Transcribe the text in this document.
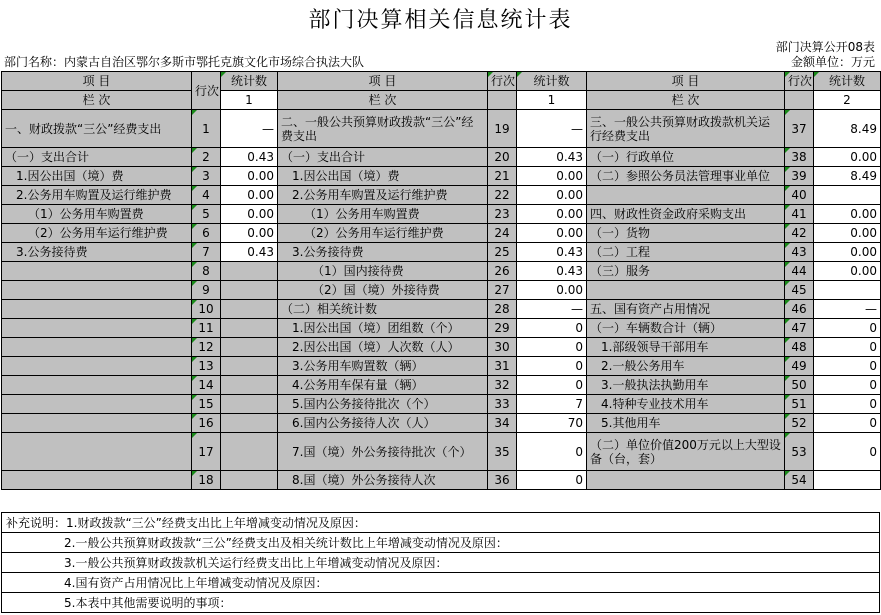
部门决算相关信息统计表
部门决算公开08表
部门名称：内蒙古自治区鄂尔多斯市鄂托克旗文化市场综合执法大队	金额单位：万元
项 目	行次	统计数	项 目	行次	统计数	项 目	行次	统计数
栏 次		1	栏 次		1	栏 次		2
一、财政拨款“三公”经费支出	1	—	二、一般公共预算财政拨款“三公”经费支出	19	—	三、一般公共预算财政拨款机关运行经费支出	37	8.49
（一）支出合计	2	0.43	（一）支出合计	20	0.43	（一）行政单位	38	0.00
1.因公出国（境）费	3	0.00	1.因公出国（境）费	21	0.00	（二）参照公务员法管理事业单位	39	8.49
2.公务用车购置及运行维护费	4	0.00	2.公务用车购置及运行维护费	22	0.00		40	
（1）公务用车购置费	5	0.00	（1）公务用车购置费	23	0.00	四、财政性资金政府采购支出	41	0.00
（2）公务用车运行维护费	6	0.00	（2）公务用车运行维护费	24	0.00	（一）货物	42	0.00
3.公务接待费	7	0.43	3.公务接待费	25	0.43	（二）工程	43	0.00
	8		（1）国内接待费	26	0.43	（三）服务	44	0.00
	9		（2）国（境）外接待费	27	0.00		45	
	10		（二）相关统计数	28	—	五、国有资产占用情况	46	—
	11		1.因公出国（境）团组数（个）	29	0	（一）车辆数合计（辆）	47	0
	12		2.因公出国（境）人次数（人）	30	0	1.部级领导干部用车	48	0
	13		3.公务用车购置数（辆）	31	0	2.一般公务用车	49	0
	14		4.公务用车保有量（辆）	32	0	3.一般执法执勤用车	50	0
	15		5.国内公务接待批次（个）	33	7	4.特种专业技术用车	51	0
	16		6.国内公务接待人次（人）	34	70	5.其他用车	52	0
	17		7.国（境）外公务接待批次（个）	35	0	（二）单位价值200万元以上大型设备（台，套）	53	0
	18		8.国（境）外公务接待人次	36	0		54	
补充说明：1.财政拨款“三公”经费支出比上年增减变动情况及原因：
2.一般公共预算财政拨款“三公”经费支出及相关统计数比上年增减变动情况及原因：
3.一般公共预算财政拨款机关运行经费支出比上年增减变动情况及原因：
4.国有资产占用情况比上年增减变动情况及原因：
5.本表中其他需要说明的事项：
